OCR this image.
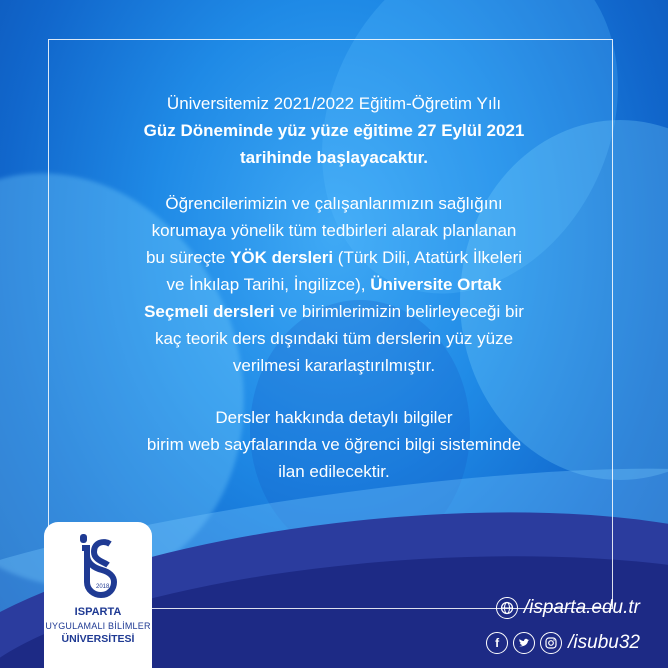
Üniversitemiz 2021/2022 Eğitim-Öğretim Yılı

Güz Döneminde yüz yüze eğitime 27 Eylül 2021

tarihinde başlayacaktır.

Öğrencilerimizin ve çalışanlarımızın sağlığını

korumaya yönelik tüm tedbirleri alarak planlanan

bu süreçte YÖK dersleri (Türk Dili, Atatürk İlkeleri

ve İnkılap Tarihi, İngilizce), Üniversite Ortak

Seçmeli dersleri ve birimlerimizin belirleyeceği bir

kaç teorik ders dışındaki tüm derslerin yüz yüze

verilmesi kararlaştırılmıştır.

Dersler hakkında detaylı bilgiler

birim web sayfalarında ve öğrenci bilgi sisteminde

ilan edilecektir.

2018
ISPARTA
UYGULAMALI BİLİMLER
ÜNİVERSİTESİ
/isparta.edu.tr
f	/isubu32
